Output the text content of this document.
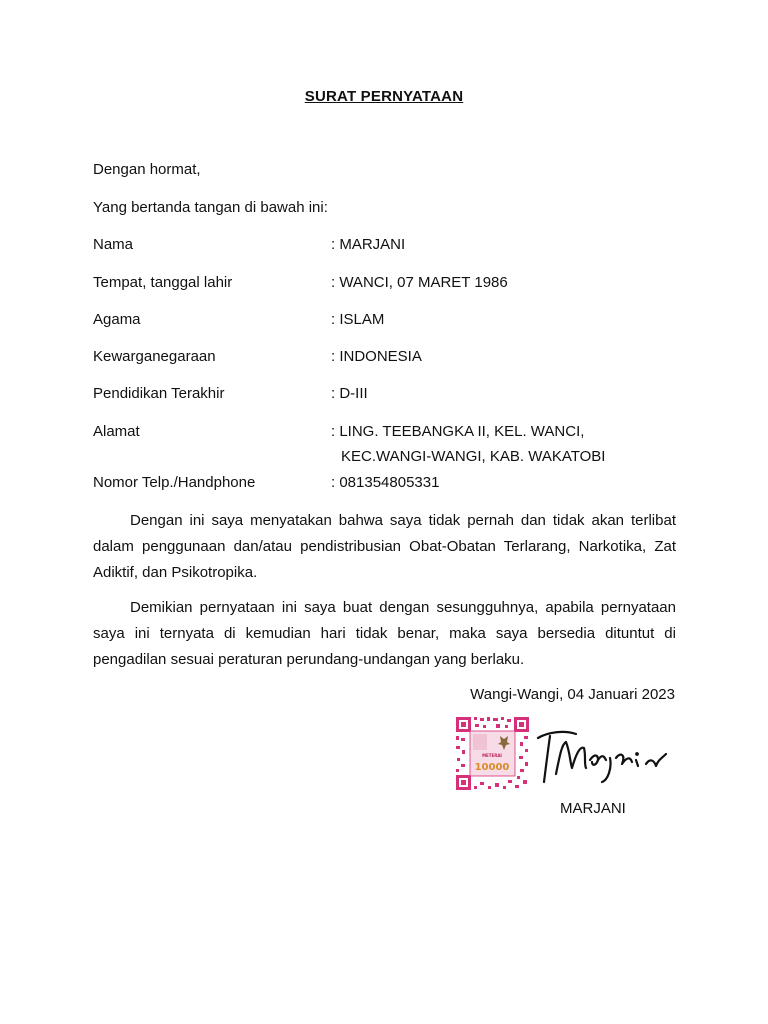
SURAT PERNYATAAN
Dengan hormat,
Yang bertanda tangan di bawah ini:
Nama	: MARJANI
Tempat, tanggal lahir	: WANCI, 07 MARET 1986
Agama	: ISLAM
Kewarganegaraan	: INDONESIA
Pendidikan Terakhir	: D-III
Alamat	: LING. TEEBANGKA II, KEL. WANCI,
KEC.WANGI-WANGI, KAB. WAKATOBI
Nomor Telp./Handphone	: 081354805331
Dengan ini saya menyatakan bahwa saya tidak pernah dan tidak akan terlibat dalam penggunaan dan/atau pendistribusian Obat-Obatan Terlarang, Narkotika, Zat Adiktif, dan Psikotropika.
Demikian pernyataan ini saya buat dengan sesungguhnya, apabila pernyataan saya ini ternyata di kemudian hari tidak benar, maka saya bersedia dituntut di pengadilan sesuai peraturan perundang-undangan yang berlaku.
Wangi-Wangi, 04 Januari 2023
METERAI
10000
MARJANI
